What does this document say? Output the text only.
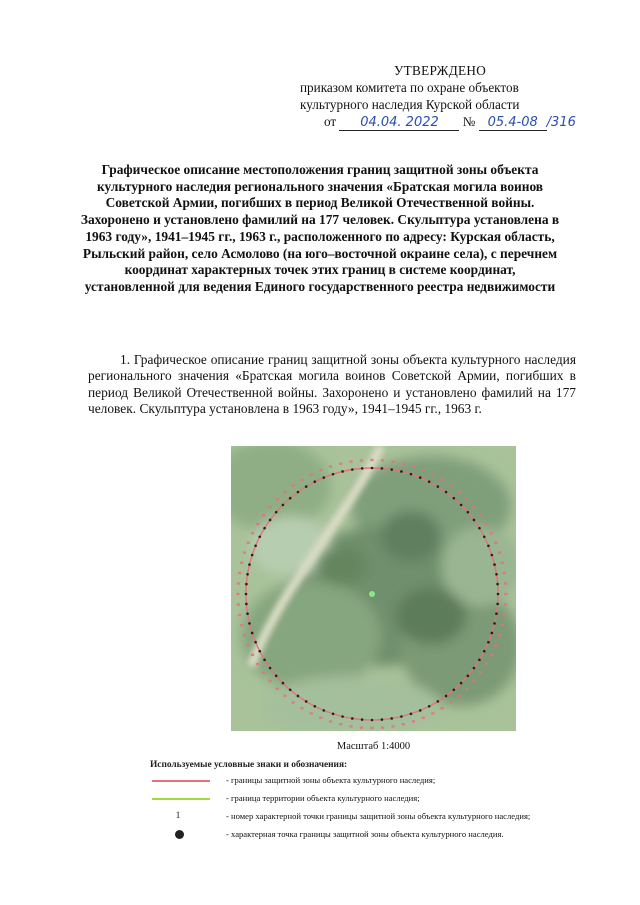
УТВЕРЖДЕНО
приказом комитета по охране объектов
культурного наследия Курской области
от 04.04. 2022 № 05.4-08 /316
Графическое описание местоположения границ защитной зоны объекта культурного наследия регионального значения «Братская могила воинов Советской Армии, погибших в период Великой Отечественной войны. Захоронено и установлено фамилий на 177 человек. Скульптура установлена в 1963 году», 1941–1945 гг., 1963 г., расположенного по адресу: Курская область, Рыльский район, село Асмолово (на юго–восточной окраине села), с перечнем координат характерных точек этих границ в системе координат, установленной для ведения Единого государственного реестра недвижимости
1. Графическое описание границ защитной зоны объекта культурного наследия регионального значения «Братская могила воинов Советской Армии, погибших в период Великой Отечественной войны. Захоронено и установлено фамилий на 177 человек. Скульптура установлена в 1963 году», 1941–1945 гг., 1963 г.
Масштаб 1:4000
Используемые условные знаки и обозначения:
- границы защитной зоны объекта культурного наследия;
- граница территории объекта культурного наследия;
1	- номер характерной точки границы защитной зоны объекта культурного наследия;
- характерная точка границы защитной зоны объекта культурного наследия.
